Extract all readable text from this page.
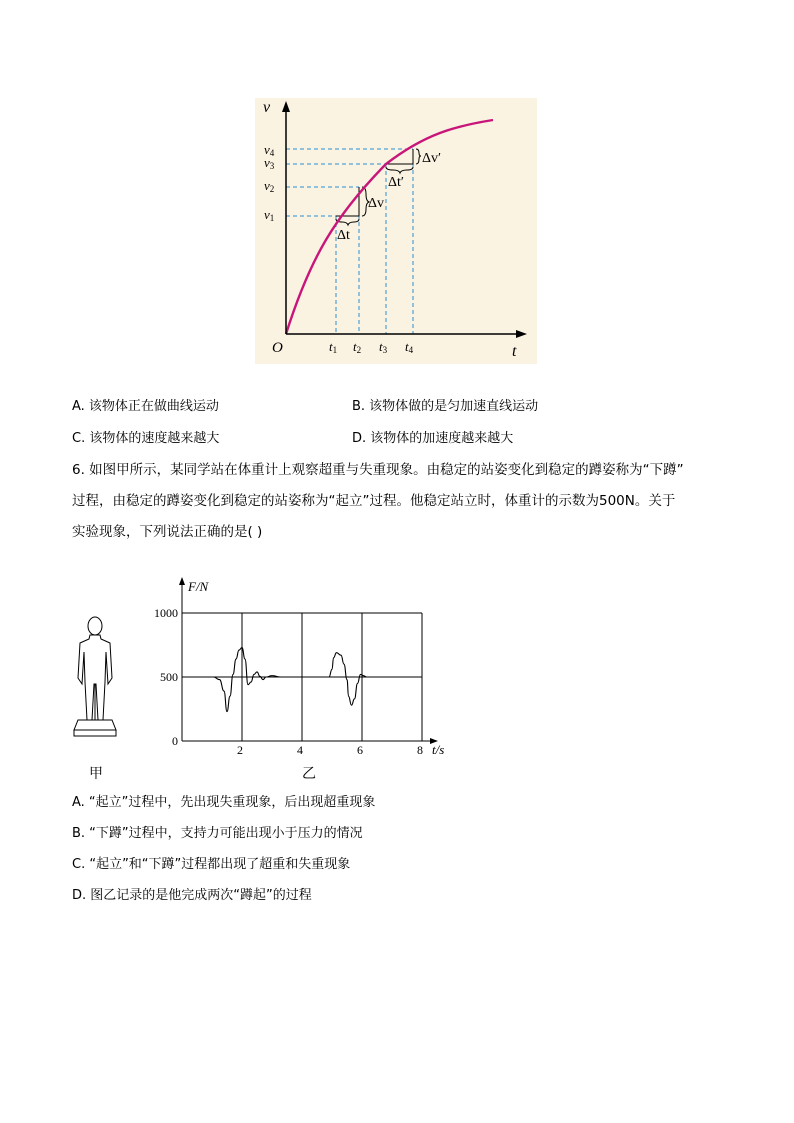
v
t
O
v4
v3
v2
v1
t1 t2 t3 t4
Δv
Δt
Δv′
Δt′
A. 该物体正在做曲线运动	B. 该物体做的是匀加速直线运动
C. 该物体的速度越来越大	D. 该物体的加速度越来越大
6. 如图甲所示，某同学站在体重计上观察超重与失重现象。由稳定的站姿变化到稳定的蹲姿称为“下蹲”
过程，由稳定的蹲姿变化到稳定的站姿称为“起立”过程。他稳定站立时，体重计的示数为500N。关于
实验现象，下列说法正确的是( )
甲
F/N
t/s
1000
500
0
2	4	6	8
乙
A. “起立”过程中，先出现失重现象，后出现超重现象
B. “下蹲”过程中，支持力可能出现小于压力的情况
C. “起立”和“下蹲”过程都出现了超重和失重现象
D. 图乙记录的是他完成两次“蹲起”的过程
